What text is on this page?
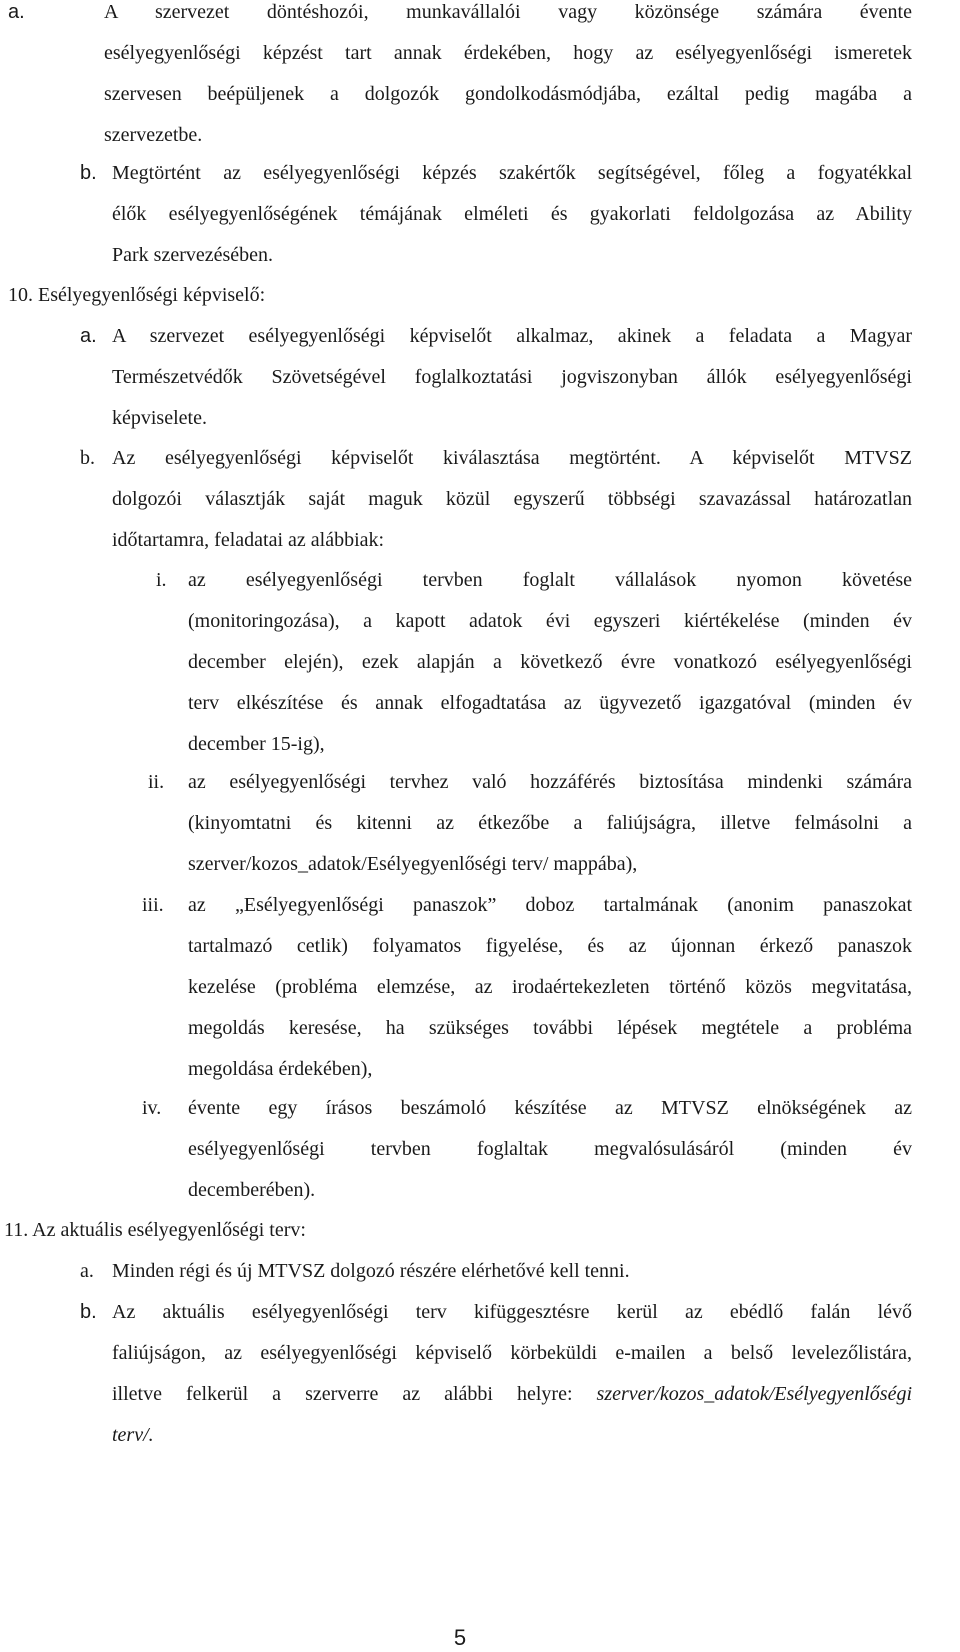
a.	A szervezet döntéshozói, munkavállalói vagy közönsége számára évente
esélyegyenlőségi képzést tart annak érdekében, hogy az esélyegyenlőségi ismeretek
szervesen beépüljenek a dolgozók gondolkodásmódjába, ezáltal pedig magába a
szervezetbe.
b. Megtörtént az esélyegyenlőségi képzés szakértők segítségével, főleg a fogyatékkal
élők esélyegyenlőségének témájának elméleti és gyakorlati feldolgozása az Ability
Park szervezésében.
10. Esélyegyenlőségi képviselő:
a. A szervezet esélyegyenlőségi képviselőt alkalmaz, akinek a feladata a Magyar
Természetvédők Szövetségével foglalkoztatási jogviszonyban állók esélyegyenlőségi
képviselete.
b. Az esélyegyenlőségi képviselőt kiválasztása megtörtént. A képviselőt MTVSZ
dolgozói választják saját maguk közül egyszerű többségi szavazással határozatlan
időtartamra, feladatai az alábbiak:
i. az esélyegyenlőségi tervben foglalt vállalások nyomon követése
(monitoringozása), a kapott adatok évi egyszeri kiértékelése (minden év
december elején), ezek alapján a következő évre vonatkozó esélyegyenlőségi
terv elkészítése és annak elfogadtatása az ügyvezető igazgatóval (minden év
december 15-ig),
ii. az esélyegyenlőségi tervhez való hozzáférés biztosítása mindenki számára
(kinyomtatni és kitenni az étkezőbe a faliújságra, illetve felmásolni a
szerver/kozos_adatok/Esélyegyenlőségi terv/ mappába),
iii. az „Esélyegyenlőségi panaszok” doboz tartalmának (anonim panaszokat
tartalmazó cetlik) folyamatos figyelése, és az újonnan érkező panaszok
kezelése (probléma elemzése, az irodaértekezleten történő közös megvitatása,
megoldás keresése, ha szükséges további lépések megtétele a probléma
megoldása érdekében),
iv. évente egy írásos beszámoló készítése az MTVSZ elnökségének az
esélyegyenlőségi tervben foglaltak megvalósulásáról (minden év
decemberében).
11. Az aktuális esélyegyenlőségi terv:
a. Minden régi és új MTVSZ dolgozó részére elérhetővé kell tenni.
b. Az aktuális esélyegyenlőségi terv kifüggesztésre kerül az ebédlő falán lévő
faliújságon, az esélyegyenlőségi képviselő körbeküldi e-mailen a belső levelezőlistára,
illetve felkerül a szerverre az alábbi helyre: szerver/kozos_adatok/Esélyegyenlőségi
terv/.
5
